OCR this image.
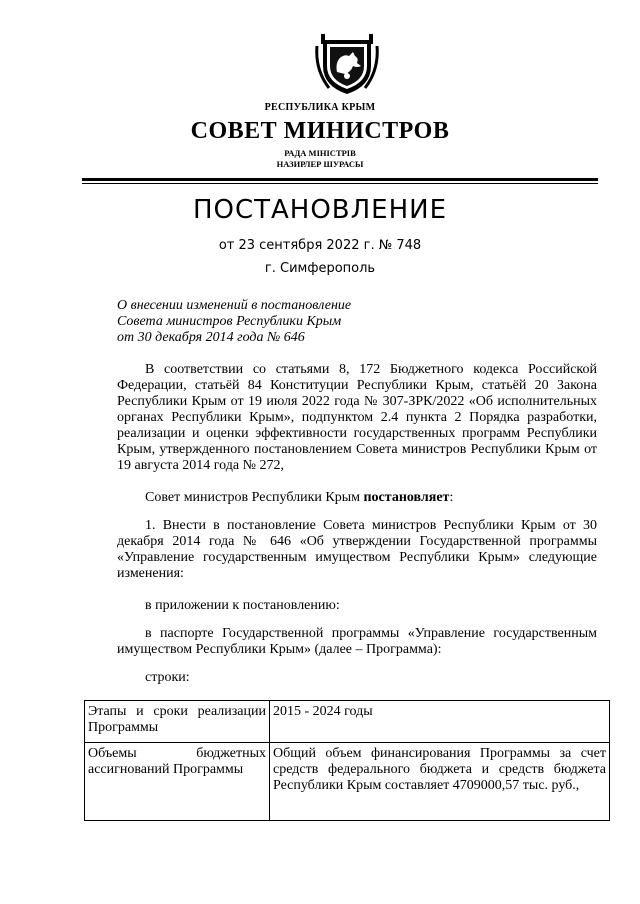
РЕСПУБЛИКА КРЫМ
СОВЕТ МИНИСТРОВ
РАДА МІНІСТРІВ
НАЗИРЛЕР ШУРАСЫ
ПОСТАНОВЛЕНИЕ
от 23 сентября 2022 г. № 748
г. Симферополь
О внесении изменений в постановление
Совета министров Республики Крым
от 30 декабря 2014 года № 646
В соответствии со статьями 8, 172 Бюджетного кодекса Российской Федерации, статьёй 84 Конституции Республики Крым, статьёй 20 Закона Республики Крым от 19 июля 2022 года № 307-ЗРК/2022 «Об исполнительных органах Республики Крым», подпунктом 2.4 пункта 2 Порядка разработки, реализации и оценки эффективности государственных программ Республики Крым, утвержденного постановлением Совета министров Республики Крым от 19 августа 2014 года № 272,
Совет министров Республики Крым постановляет:
1. Внести в постановление Совета министров Республики Крым от 30 декабря 2014 года № 646 «Об утверждении Государственной программы «Управление государственным имуществом Республики Крым» следующие изменения:
в приложении к постановлению:
в паспорте Государственной программы «Управление государственным имуществом Республики Крым» (далее – Программа):
строки:
Этапы и сроки реализации Программы	2015 - 2024 годы
Объемы бюджетных ассигнований Программы	Общий объем финансирования Программы за счет средств федерального бюджета и средств бюджета Республики Крым составляет 4709000,57 тыс. руб.,
